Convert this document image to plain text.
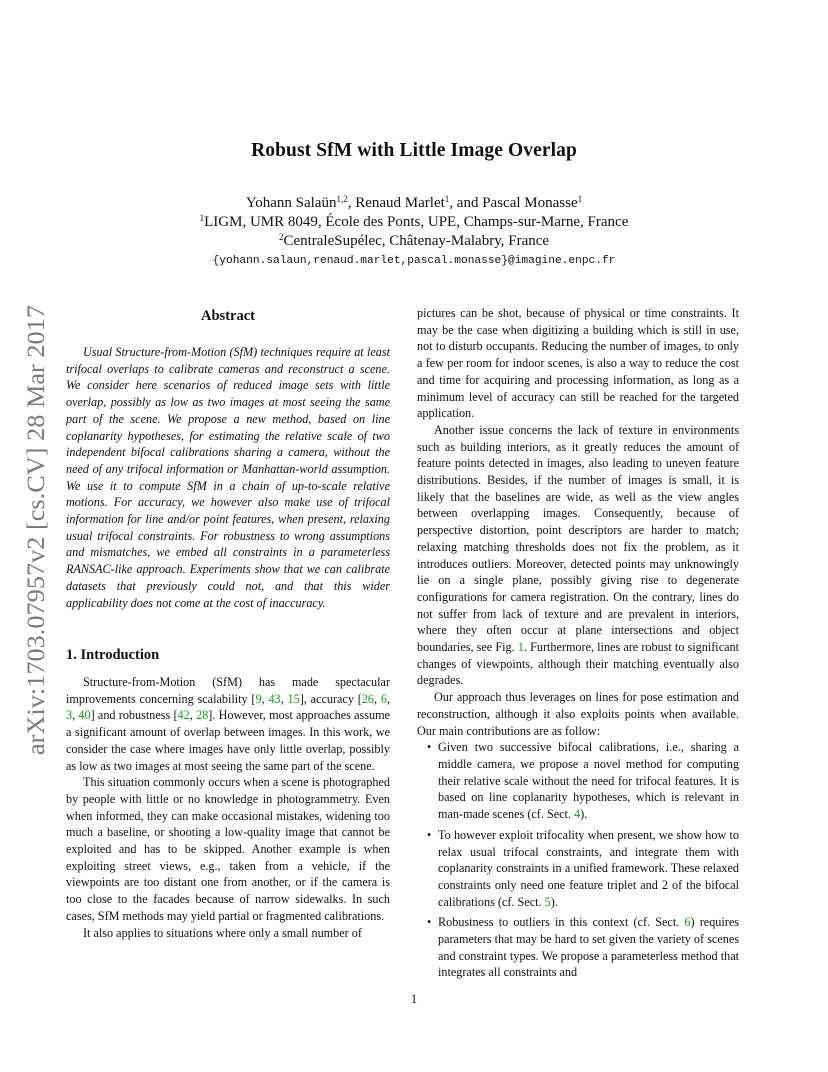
arXiv:1703.07957v2 [cs.CV] 28 Mar 2017
Robust SfM with Little Image Overlap
Yohann Salaün$^{1,2}$, Renaud Marlet$^1$, and Pascal Monasse$^1$
$^1$LIGM, UMR 8049, École des Ponts, UPE, Champs-sur-Marne, France
$^2$CentraleSupélec, Châtenay-Malabry, France
{yohann.salaun,renaud.marlet,pascal.monasse}@imagine.enpc.fr
Abstract

Usual Structure-from-Motion (SfM) techniques require at least trifocal overlaps to calibrate cameras and reconstruct a scene. We consider here scenarios of reduced image sets with little overlap, possibly as low as two images at most seeing the same part of the scene. We propose a new method, based on line coplanarity hypotheses, for estimating the relative scale of two independent bifocal calibrations sharing a camera, without the need of any trifocal information or Manhattan-world assumption. We use it to compute SfM in a chain of up-to-scale relative motions. For accuracy, we however also make use of trifocal information for line and/or point features, when present, relaxing usual trifocal constraints. For robustness to wrong assumptions and mismatches, we embed all constraints in a parameterless RANSAC-like approach. Experiments show that we can calibrate datasets that previously could not, and that this wider applicability does not come at the cost of inaccuracy.

1. Introduction

Structure-from-Motion (SfM) has made spectacular improvements concerning scalability [9, 43, 15], accuracy [26, 6, 3, 40] and robustness [42, 28]. However, most approaches assume a significant amount of overlap between images. In this work, we consider the case where images have only little overlap, possibly as low as two images at most seeing the same part of the scene.

This situation commonly occurs when a scene is photographed by people with little or no knowledge in photogrammetry. Even when informed, they can make occasional mistakes, widening too much a baseline, or shooting a low-quality image that cannot be exploited and has to be skipped. Another example is when exploiting street views, e.g., taken from a vehicle, if the viewpoints are too distant one from another, or if the camera is too close to the facades because of narrow sidewalks. In such cases, SfM methods may yield partial or fragmented calibrations.

It also applies to situations where only a small number of

pictures can be shot, because of physical or time constraints. It may be the case when digitizing a building which is still in use, not to disturb occupants. Reducing the number of images, to only a few per room for indoor scenes, is also a way to reduce the cost and time for acquiring and processing information, as long as a minimum level of accuracy can still be reached for the targeted application.

Another issue concerns the lack of texture in environments such as building interiors, as it greatly reduces the amount of feature points detected in images, also leading to uneven feature distributions. Besides, if the number of images is small, it is likely that the baselines are wide, as well as the view angles between overlapping images. Consequently, because of perspective distortion, point descriptors are harder to match; relaxing matching thresholds does not fix the problem, as it introduces outliers. Moreover, detected points may unknowingly lie on a single plane, possibly giving rise to degenerate configurations for camera registration. On the contrary, lines do not suffer from lack of texture and are prevalent in interiors, where they often occur at plane intersections and object boundaries, see Fig. 1. Furthermore, lines are robust to significant changes of viewpoints, although their matching eventually also degrades.

Our approach thus leverages on lines for pose estimation and reconstruction, although it also exploits points when available. Our main contributions are as follow:

• Given two successive bifocal calibrations, i.e., sharing a middle camera, we propose a novel method for computing their relative scale without the need for trifocal features. It is based on line coplanarity hypotheses, which is relevant in man-made scenes (cf. Sect. 4).
• To however exploit trifocality when present, we show how to relax usual trifocal constraints, and integrate them with coplanarity constraints in a unified framework. These relaxed constraints only need one feature triplet and 2 of the bifocal calibrations (cf. Sect. 5).
• Robustness to outliers in this context (cf. Sect. 6) requires parameters that may be hard to set given the variety of scenes and constraint types. We propose a parameterless method that integrates all constraints and
1
